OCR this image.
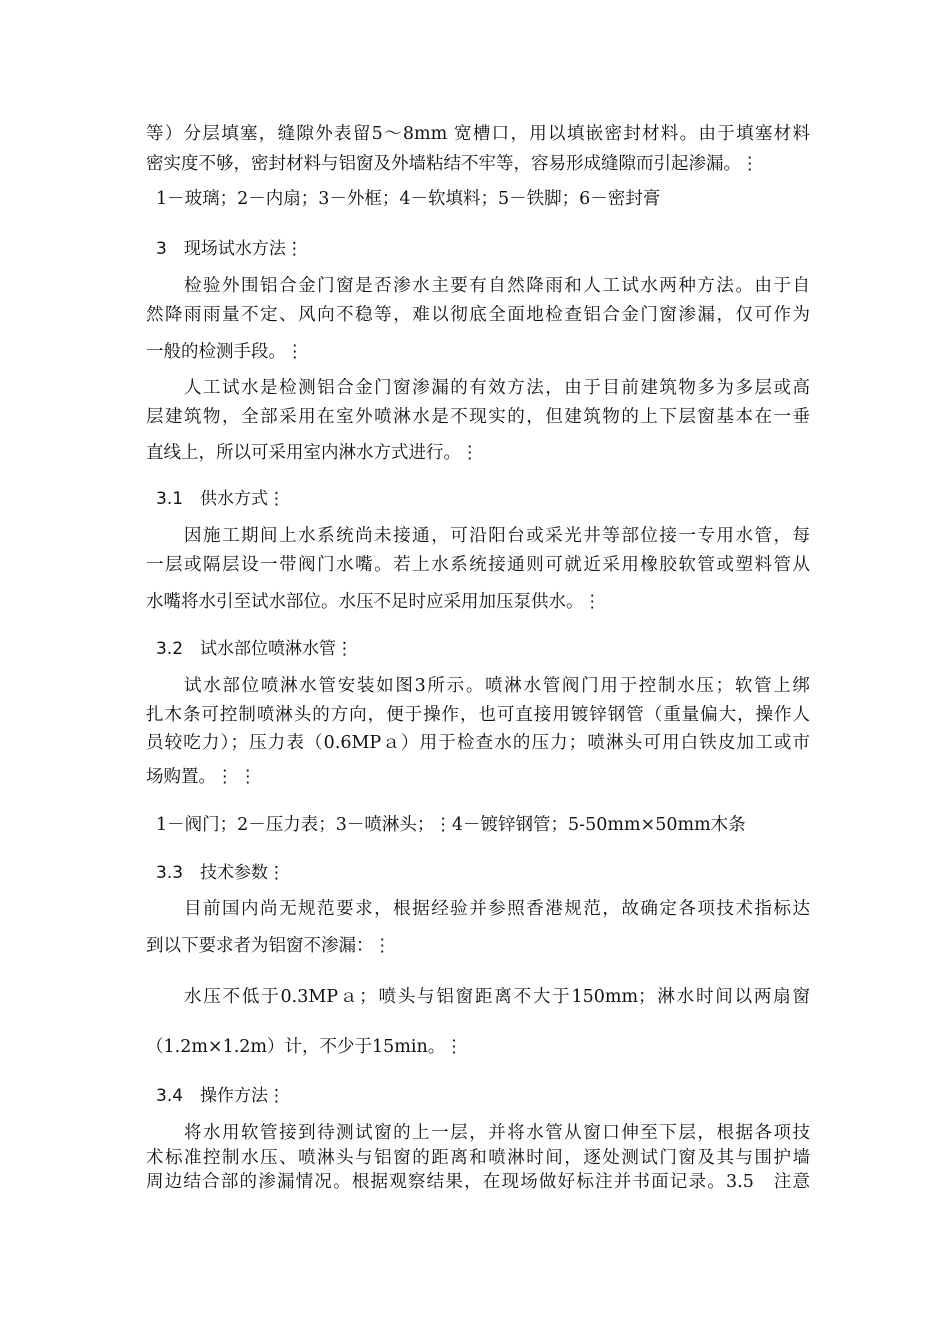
等）分层填塞，缝隙外表留5～8mm 宽槽口，用以填嵌密封材料。由于填塞材料
密实度不够，密封材料与铝窗及外墙粘结不牢等，容易形成缝隙而引起渗漏。⋮
1－玻璃；2－内扇；3－外框；4－软填料；5－铁脚；6－密封膏
3　现场试水方法⋮
检验外围铝合金门窗是否渗水主要有自然降雨和人工试水两种方法。由于自
然降雨雨量不定、风向不稳等，难以彻底全面地检查铝合金门窗渗漏，仅可作为
一般的检测手段。⋮
人工试水是检测铝合金门窗渗漏的有效方法，由于目前建筑物多为多层或高
层建筑物，全部采用在室外喷淋水是不现实的，但建筑物的上下层窗基本在一垂
直线上，所以可采用室内淋水方式进行。⋮
3.1　供水方式⋮
因施工期间上水系统尚未接通，可沿阳台或采光井等部位接一专用水管，每
一层或隔层设一带阀门水嘴。若上水系统接通则可就近采用橡胶软管或塑料管从
水嘴将水引至试水部位。水压不足时应采用加压泵供水。⋮
3.2　试水部位喷淋水管⋮
试水部位喷淋水管安装如图3所示。喷淋水管阀门用于控制水压；软管上绑
扎木条可控制喷淋头的方向，便于操作，也可直接用镀锌钢管（重量偏大，操作人
员较吃力）；压力表（0.6MPａ）用于检查水的压力；喷淋头可用白铁皮加工或市
场购置。⋮ ⋮
1－阀门；2－压力表；3－喷淋头；⋮4－镀锌钢管；5-50mm×50mm木条
3.3　技术参数⋮
目前国内尚无规范要求，根据经验并参照香港规范，故确定各项技术指标达
到以下要求者为铝窗不渗漏：⋮
水压不低于0.3MPａ；喷头与铝窗距离不大于150mm；淋水时间以两扇窗
（1.2m×1.2m）计，不少于15min。⋮
3.4　操作方法⋮
将水用软管接到待测试窗的上一层，并将水管从窗口伸至下层，根据各项技
术标准控制水压、喷淋头与铝窗的距离和喷淋时间，逐处测试门窗及其与围护墙
周边结合部的渗漏情况。根据观察结果，在现场做好标注并书面记录。3.5　注意
